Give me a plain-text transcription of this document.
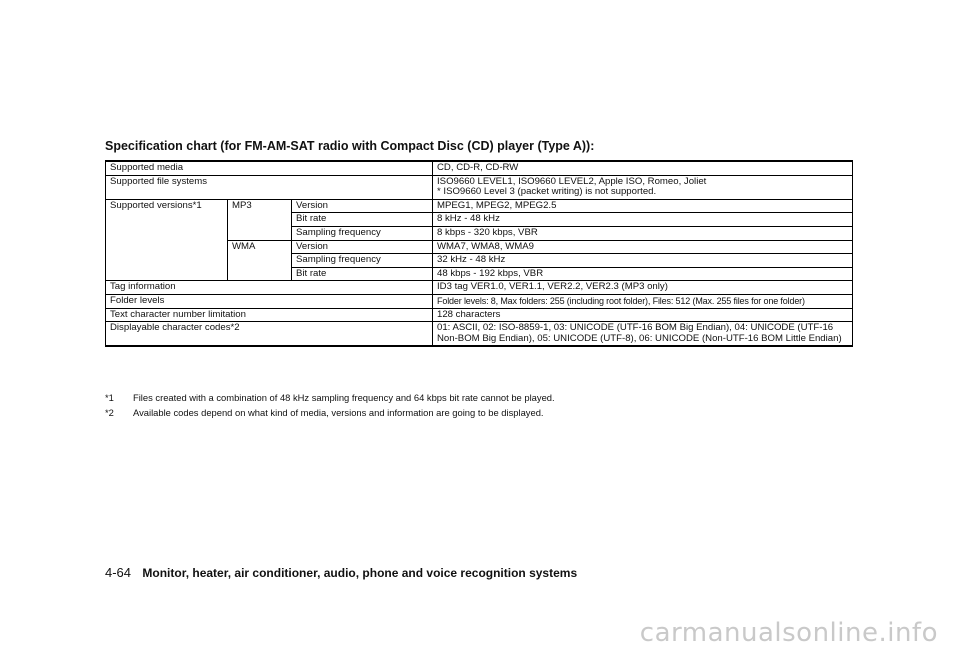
Specification chart (for FM-AM-SAT radio with Compact Disc (CD) player (Type A)):
Supported media			CD, CD-R, CD-RW
Supported file systems			ISO9660 LEVEL1, ISO9660 LEVEL2, Apple ISO, Romeo, Joliet
* ISO9660 Level 3 (packet writing) is not supported.

Supported versions*1	MP3	Version	MPEG1, MPEG2, MPEG2.5
		Bit rate	8 kHz - 48 kHz
		Sampling frequency	8 kbps - 320 kbps, VBR
	WMA	Version	WMA7, WMA8, WMA9
		Sampling frequency	32 kHz - 48 kHz
		Bit rate	48 kbps - 192 kbps, VBR
Tag information			ID3 tag VER1.0, VER1.1, VER2.2, VER2.3 (MP3 only)
Folder levels			Folder levels: 8, Max folders: 255 (including root folder), Files: 512 (Max. 255 files for one folder)
Text character number limitation			128 characters
Displayable character codes*2			01: ASCII, 02: ISO-8859-1, 03: UNICODE (UTF-16 BOM Big Endian), 04: UNICODE (UTF-16 Non-BOM Big Endian), 05: UNICODE (UTF-8), 06: UNICODE (Non-UTF-16 BOM Little Endian)
*1	Files created with a combination of 48 kHz sampling frequency and 64 kbps bit rate cannot be played.
*2	Available codes depend on what kind of media, versions and information are going to be displayed.
4-64 Monitor, heater, air conditioner, audio, phone and voice recognition systems
carmanualsonline.info
